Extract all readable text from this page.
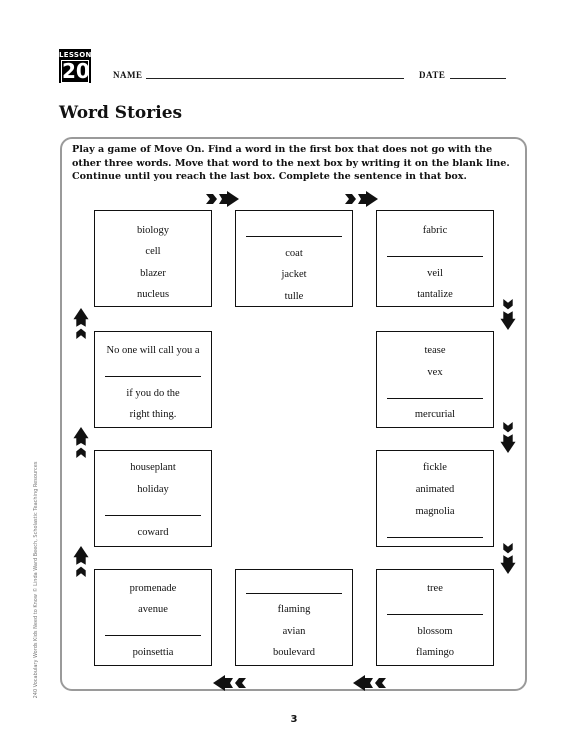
LESSON
20	NAME	DATE
Word Stories

Play a game of Move On. Find a word in the first box that does not go with the other three words. Move that word to the next box by writing it on the blank line. Continue until you reach the last box. Complete the sentence in that box.

biology
cell
blazer
nucleus
coat
jacket
tulle
fabric
veil
tantalize
No one will call you a
if you do the
right thing.
tease
vex
mercurial
houseplant
holiday
coward
fickle
animated
magnolia
promenade
avenue
poinsettia
flaming
avian
boulevard
tree
blossom
flamingo
240 Vocabulary Words Kids Need to Know © Linda Ward Beech, Scholastic Teaching Resources
3
